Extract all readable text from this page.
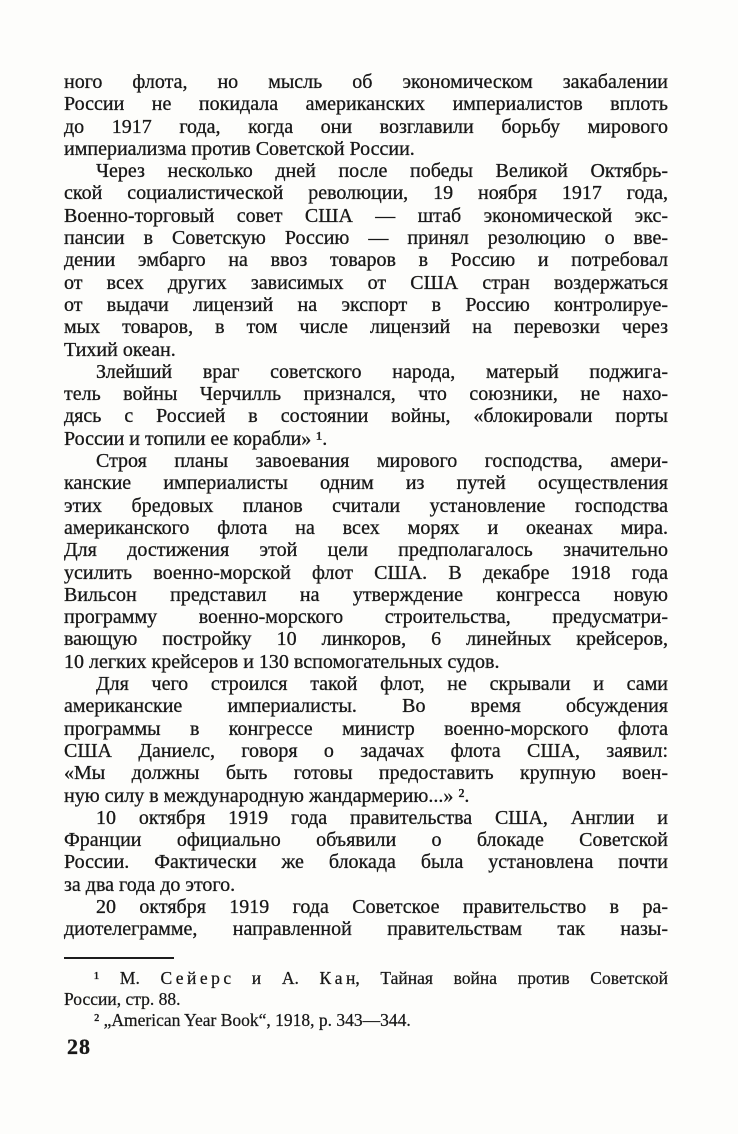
ного флота, но мысль об экономическом закабалении
России не покидала американских империалистов вплоть
до 1917 года, когда они возглавили борьбу мирового
империализма против Советской России.
Через несколько дней после победы Великой Октябрь-
ской социалистической революции, 19 ноября 1917 года,
Военно-торговый совет США — штаб экономической экс-
пансии в Советскую Россию — принял резолюцию о вве-
дении эмбарго на ввоз товаров в Россию и потребовал
от всех других зависимых от США стран воздержаться
от выдачи лицензий на экспорт в Россию контролируе-
мых товаров, в том числе лицензий на перевозки через
Тихий океан.
Злейший враг советского народа, матерый поджига-
тель войны Черчилль признался, что союзники, не нахо-
дясь с Россией в состоянии войны, «блокировали порты
России и топили ее корабли» ¹.
Строя планы завоевания мирового господства, амери-
канские империалисты одним из путей осуществления
этих бредовых планов считали установление господства
американского флота на всех морях и океанах мира.
Для достижения этой цели предполагалось значительно
усилить военно-морской флот США. В декабре 1918 года
Вильсон представил на утверждение конгресса новую
программу военно-морского строительства, предусматри-
вающую постройку 10 линкоров, 6 линейных крейсеров,
10 легких крейсеров и 130 вспомогательных судов.
Для чего строился такой флот, не скрывали и сами
американские империалисты. Во время обсуждения
программы в конгрессе министр военно-морского флота
США Даниелс, говоря о задачах флота США, заявил:
«Мы должны быть готовы предоставить крупную воен-
ную силу в международную жандармерию...» ².
10 октября 1919 года правительства США, Англии и
Франции официально объявили о блокаде Советской
России. Фактически же блокада была установлена почти
за два года до этого.
20 октября 1919 года Советское правительство в ра-
диотелеграмме, направленной правительствам так назы-
¹ М. С е й е р с и А. К а н, Тайная война против Советской
России, стр. 88.
² „American Year Book“, 1918, p. 343—344.
28
